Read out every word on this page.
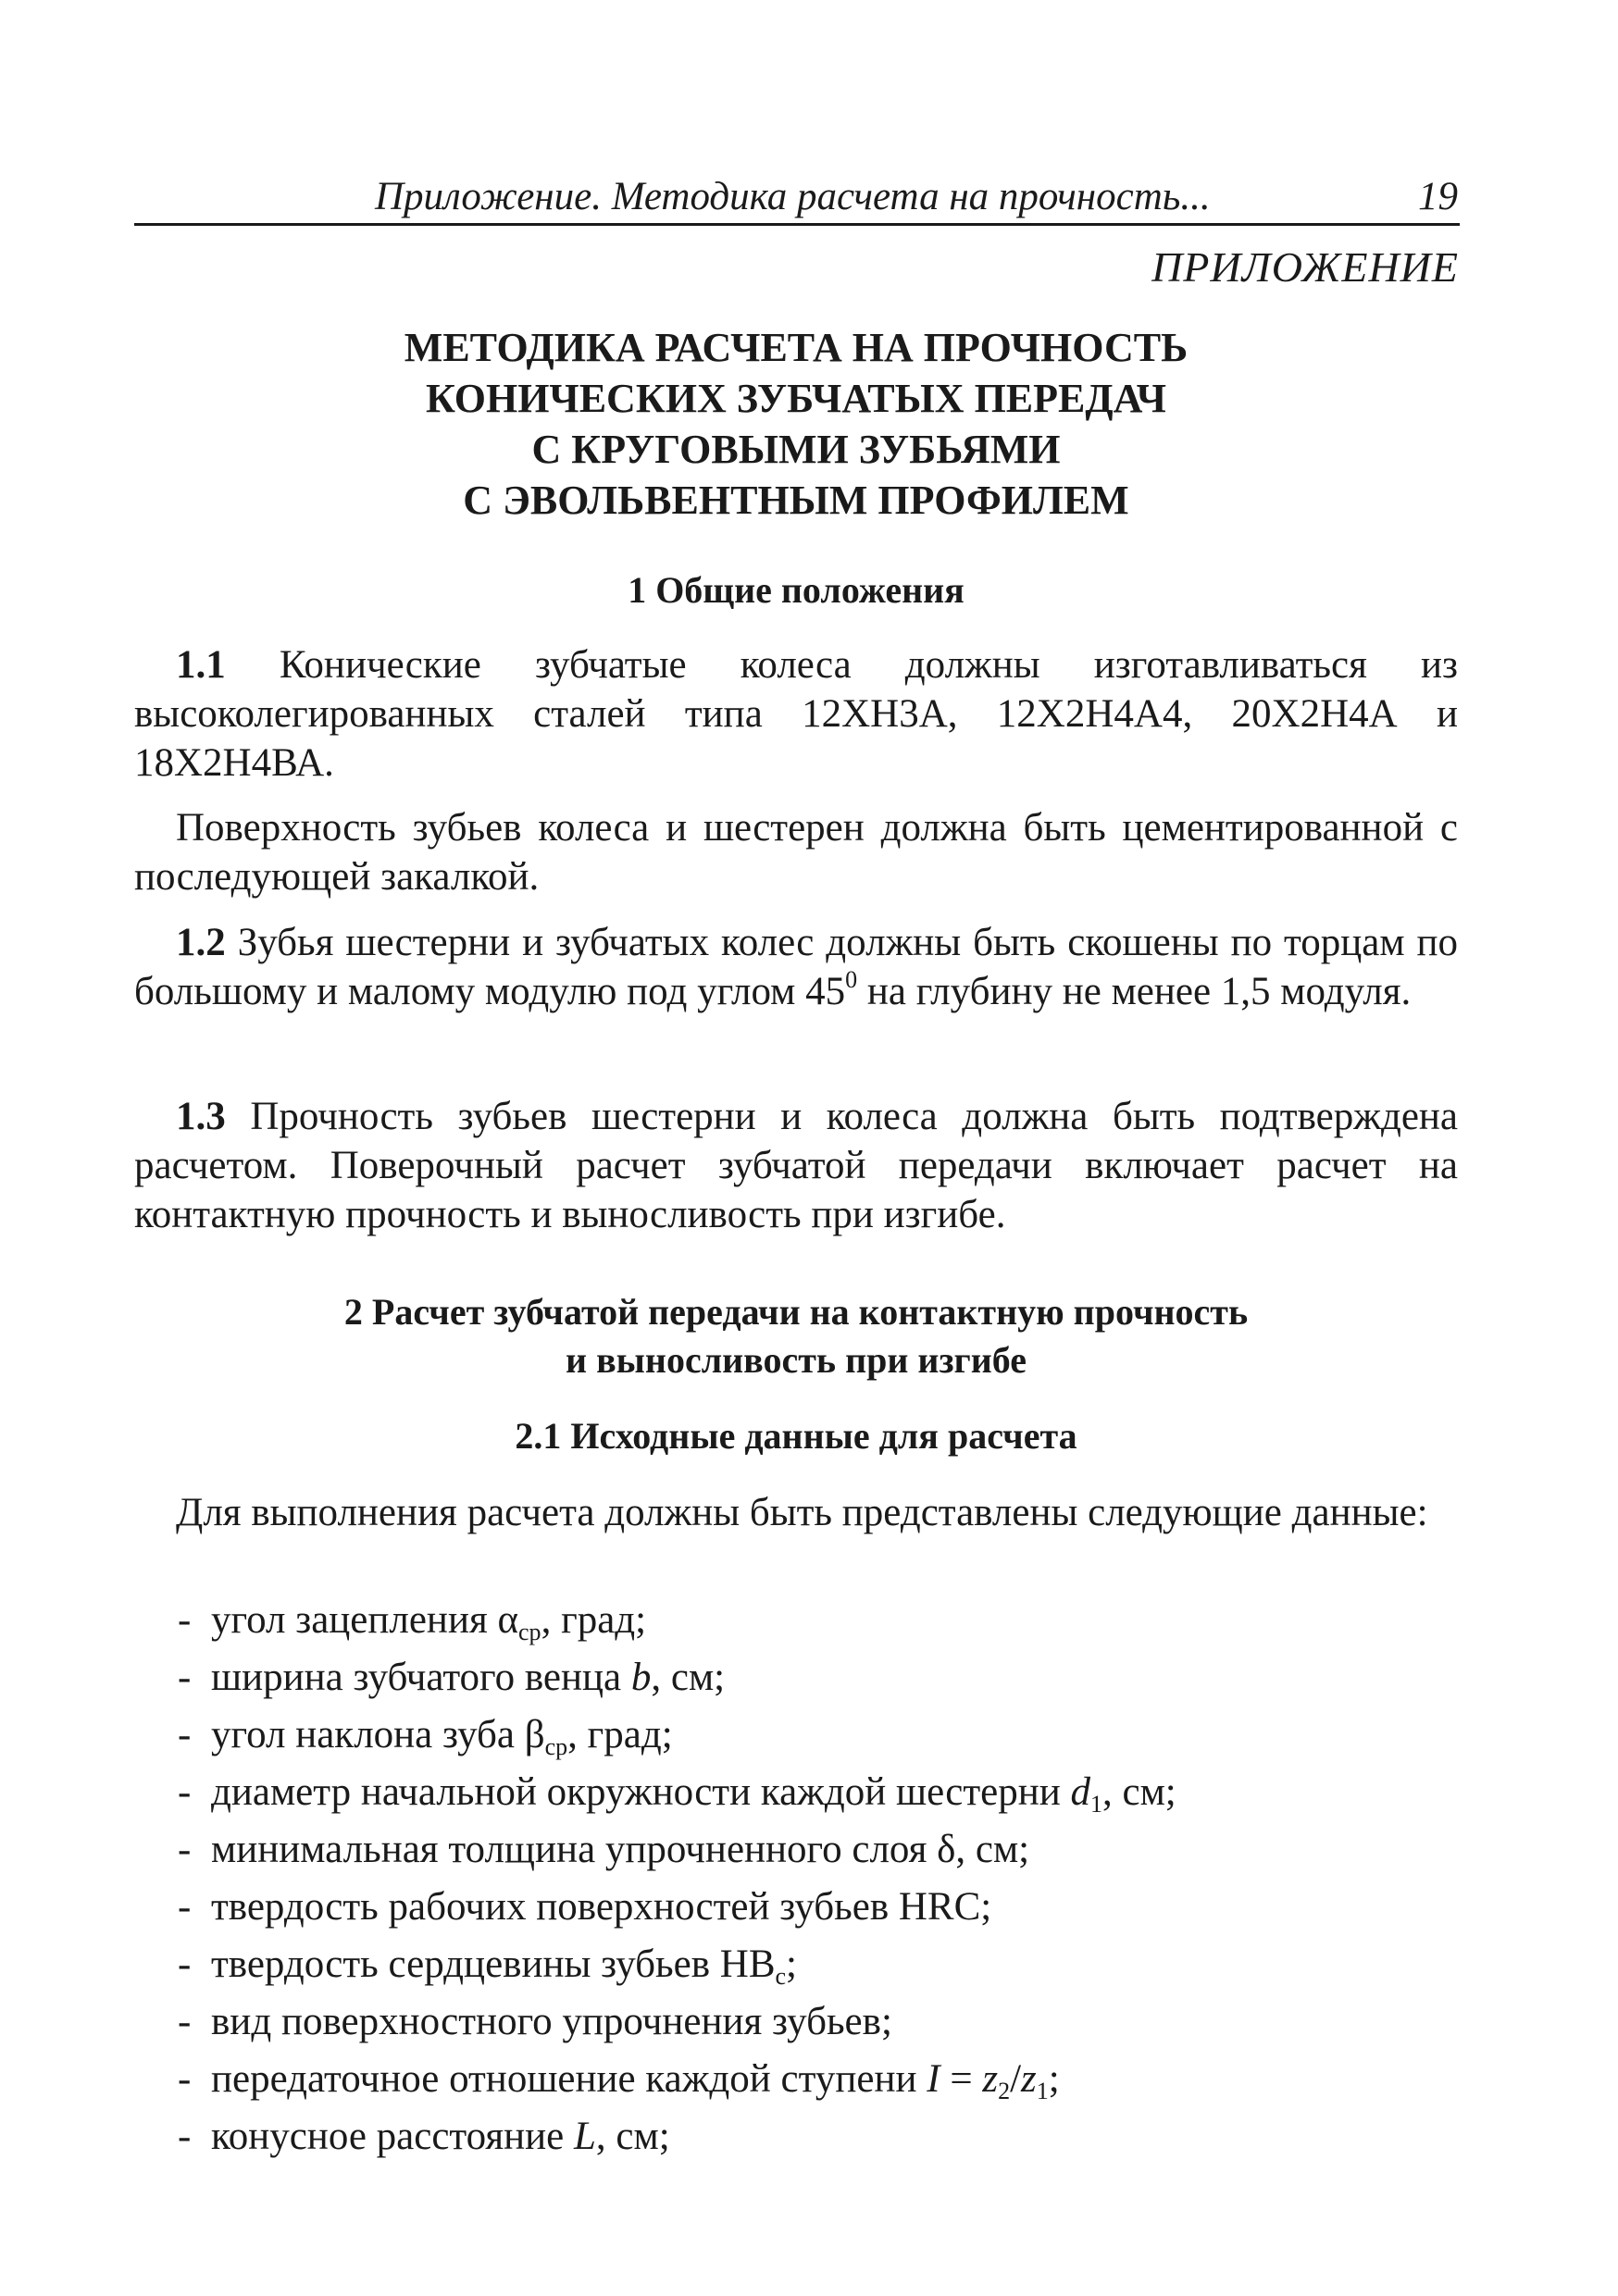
Приложение. Методика расчета на прочность...	19
ПРИЛОЖЕНИЕ
МЕТОДИКА РАСЧЕТА НА ПРОЧНОСТЬ
КОНИЧЕСКИХ ЗУБЧАТЫХ ПЕРЕДАЧ
С КРУГОВЫМИ ЗУБЬЯМИ
С ЭВОЛЬВЕНТНЫМ ПРОФИЛЕМ
1 Общие положения

1.1 Конические зубчатые колеса должны изготавливаться из высоколегированных сталей типа 12ХН3А, 12Х2Н4А4, 20Х2Н4А и 18Х2Н4ВА.

Поверхность зубьев колеса и шестерен должна быть цементированной с последующей закалкой.

1.2 Зубья шестерни и зубчатых колес должны быть скошены по торцам по большому и малому модулю под углом $45^0$ на глубину не менее 1,5 модуля.

1.3 Прочность зубьев шестерни и колеса должна быть подтверждена расчетом. Поверочный расчет зубчатой передачи включает расчет на контактную прочность и выносливость при изгибе.

2 Расчет зубчатой передачи на контактную прочность
и выносливость при изгибе
2.1 Исходные данные для расчета

Для выполнения расчета должны быть представлены следующие данные:

- угол зацепления $\alpha_{ср}$, град;
- ширина зубчатого венца b, см;
- угол наклона зуба $\beta_{ср}$, град;
- диаметр начальной окружности каждой шестерни $d_1$, см;
- минимальная толщина упрочненного слоя δ, см;
- твердость рабочих поверхностей зубьев HRC;
- твердость сердцевины зубьев $HB_c$;
- вид поверхностного упрочнения зубьев;
- передаточное отношение каждой ступени $I = z_2/z_1$;
- конусное расстояние L, см;
